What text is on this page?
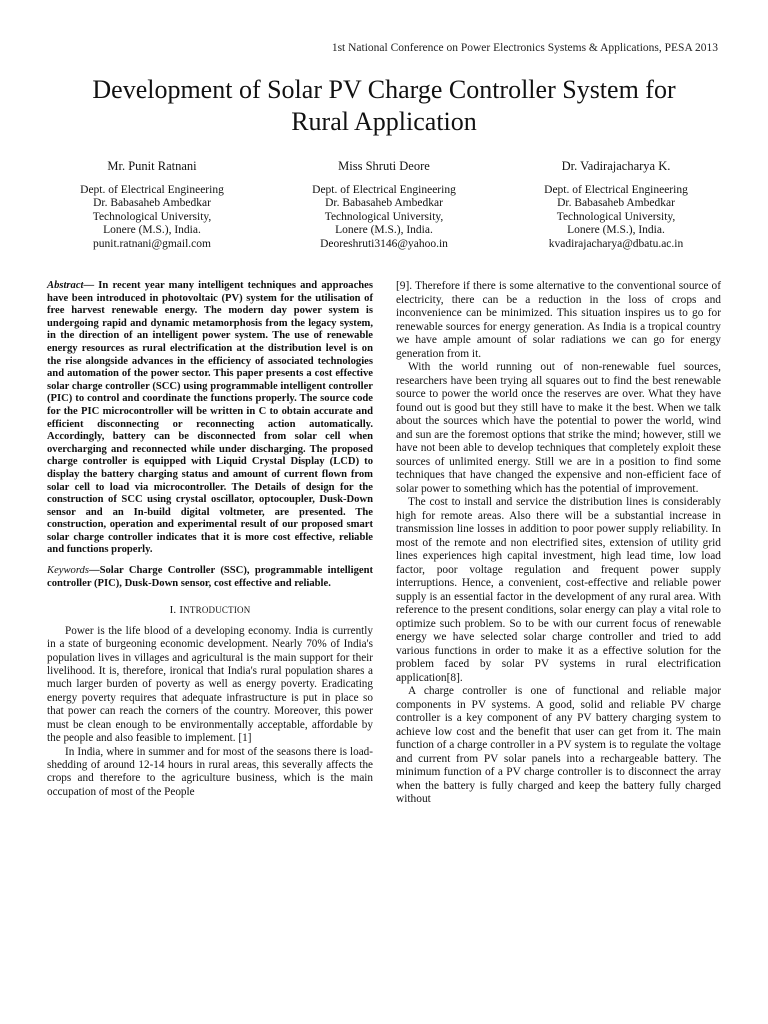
1st National Conference on Power Electronics Systems & Applications, PESA 2013
Development of Solar PV Charge Controller System for
Rural Application
Mr. Punit Ratnani
Dept. of Electrical Engineering
Dr. Babasaheb Ambedkar
Technological University,
Lonere (M.S.), India.
punit.ratnani@gmail.com
Miss Shruti Deore
Dept. of Electrical Engineering
Dr. Babasaheb Ambedkar
Technological University,
Lonere (M.S.), India.
Deoreshruti3146@yahoo.in
Dr. Vadirajacharya K.
Dept. of Electrical Engineering
Dr. Babasaheb Ambedkar
Technological University,
Lonere (M.S.), India.
kvadirajacharya@dbatu.ac.in

Abstract— In recent year many intelligent techniques and approaches have been introduced in photovoltaic (PV) system for the utilisation of free harvest renewable energy. The modern day power system is undergoing rapid and dynamic metamorphosis from the legacy system, in the direction of an intelligent power system. The use of renewable energy resources as rural electrification at the distribution level is on the rise alongside advances in the efficiency of associated technologies and automation of the power sector. This paper presents a cost effective solar charge controller (SCC) using programmable intelligent controller (PIC) to control and coordinate the functions properly. The source code for the PIC microcontroller will be written in C to obtain accurate and efficient disconnecting or reconnecting action automatically. Accordingly, battery can be disconnected from solar cell when overcharging and reconnected while under discharging. The proposed charge controller is equipped with Liquid Crystal Display (LCD) to display the battery charging status and amount of current flown from solar cell to load via microcontroller. The Details of design for the construction of SCC using crystal oscillator, optocoupler, Dusk-Down sensor and an In-build digital voltmeter, are presented. The construction, operation and experimental result of our proposed smart solar charge controller indicates that it is more cost effective, reliable and functions properly.

Keywords—Solar Charge Controller (SSC), programmable intelligent controller (PIC), Dusk-Down sensor, cost effective and reliable.

I. INTRODUCTION

Power is the life blood of a developing economy. India is currently in a state of burgeoning economic development. Nearly 70% of India's population lives in villages and agricultural is the main support for their livelihood. It is, therefore, ironical that India's rural population shares a much larger burden of poverty as well as energy poverty. Eradicating energy poverty requires that adequate infrastructure is put in place so that power can reach the corners of the country. Moreover, this power must be clean enough to be environmentally acceptable, affordable by the people and also feasible to implement. [1]

In India, where in summer and for most of the seasons there is load-shedding of around 12-14 hours in rural areas, this severally affects the crops and therefore to the agriculture business, which is the main occupation of most of the People

[9]. Therefore if there is some alternative to the conventional source of electricity, there can be a reduction in the loss of crops and inconvenience can be minimized. This situation inspires us to go for renewable sources for energy generation. As India is a tropical country we have ample amount of solar radiations we can go for energy generation from it.

With the world running out of non-renewable fuel sources, researchers have been trying all squares out to find the best renewable source to power the world once the reserves are over. What they have found out is good but they still have to make it the best. When we talk about the sources which have the potential to power the world, wind and sun are the foremost options that strike the mind; however, still we have not been able to develop techniques that completely exploit these sources of unlimited energy. Still we are in a position to find some techniques that have changed the expensive and non-efficient face of solar power to something which has the potential of improvement.

The cost to install and service the distribution lines is considerably high for remote areas. Also there will be a substantial increase in transmission line losses in addition to poor power supply reliability. In most of the remote and non electrified sites, extension of utility grid lines experiences high capital investment, high lead time, low load factor, poor voltage regulation and frequent power supply interruptions. Hence, a convenient, cost-effective and reliable power supply is an essential factor in the development of any rural area. With reference to the present conditions, solar energy can play a vital role to optimize such problem. So to be with our current focus of renewable energy we have selected solar charge controller and tried to add various functions in order to make it as a effective solution for the problem faced by solar PV systems in rural electrification application[8].

A charge controller is one of functional and reliable major components in PV systems. A good, solid and reliable PV charge controller is a key component of any PV battery charging system to achieve low cost and the benefit that user can get from it. The main function of a charge controller in a PV system is to regulate the voltage and current from PV solar panels into a rechargeable battery. The minimum function of a PV charge controller is to disconnect the array when the battery is fully charged and keep the battery fully charged without
